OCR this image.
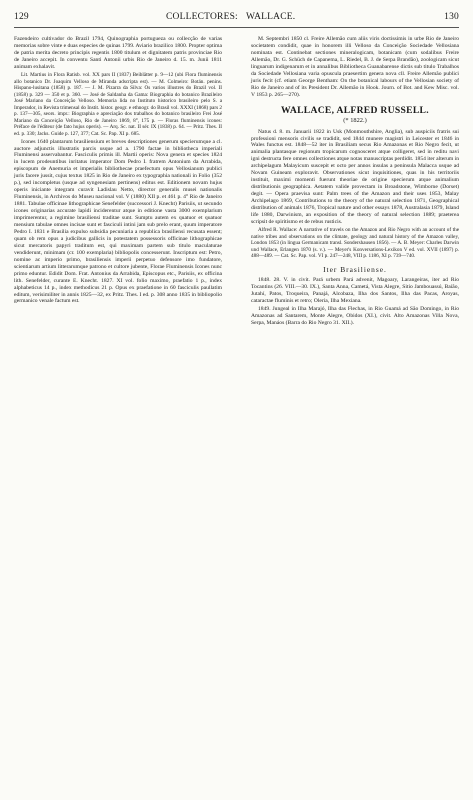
129	COLLECTORES: WALLACE.	130

Fazendeiro cultivador do Brazil 1794, Quinographia portugueza ou collecção de varias memorias sobre vinte e duas especies de quinas 1799. Aviario brazilico 1800. Propter optima de patria merita decreto principis regentis 1800 titulum et dignitatem patris provinciae Rio de Janeiro accepit. In conventu Santi Antonii urbis Rio de Janeiro d. 15. m. Junii 1811 animam exhalavit.

Lit. Martius in Flora Ratisb. vol. XX pars II (1837) Beiblätter p. 9—12 (ubi Flora fluminensis allo botanico Dr. Joaquim Velloso de Miranda adscripta est). — M. Colmeiro: Botán. penins. Hispano-lusitana (1858) p. 187. — J. M. Pizarra da Silva: Os varios illustres do Brazil vol. II (1858) p. 329 — 350 et p. 360. — José de Saldanha da Gama: Biographia do botanico Brazileiro José Mariano da Conceição Velloso. Memoria lida no Instituto historico brasileiro pelo S. a Imperador, in Revista trimensal do Instit. histor. geogr. e ethnogr. do Brasil vol. XXXI (1868) pars 2 p. 137—305, seors. impr.: Biographia e apreciação dos trabalhos do botanico brasileiro Frei José Mariano da Conceição Velloso, Rio de Janeiro 1869, 8°, 175 p. — Floras fluminensis icones: Préface de l'éditeur (de fato hujus operis). — Arq. Sc. nat. II sér. IX (1838) p. 64. — Pritz. Thes. II ed. p. 330; Jacks. Guide p. 127, 377; Cat. Sc. Pap. XI p. 685.

Icones 1640 plantarum brasiliensium et breves descriptiones generum specierumque a cl. auctore adjunctis illustratis parcis usque ad a. 1790 factae in bibliotheca imperiali Fluminensi asservabantur. Fasciculis primis ill. Martii operis: Nova genera et species 1824 in lucem prodeuntibus inritatus imperator Dom Pedro I. fratrem Antonium da Arrabida, episcopum de Anemuria et imperialis bibliothecae praefectum opus Vellosianum publici juris facere jussit, cujus textus 1825 in Rio de Janeiro ex typographia nationali in Folio (352 p.), sed incompletus (usque ad syngenesiam pertinens) editus est. Editionem novam hujus operis iniciante integram curavit Ladislau Netto, director generalis musei nationalis Fluminensis, in Archivos do Museu nacional vol. V (1880) XII p. et 461 p. 4° Rio de Janeiro 1881. Tabulae officinae lithographicae Senefelder (successori J. Knecht) Parisiis, ut secundo icones originarias accurate lapidi inciderentur atque in editione vasta 3000 exemplarium imprimerentur, a regimine brasiliensi traditae sunt. Sumptu autem ex quatuor et quatuor mensium tabulae omnes incisae sunt et fasciculi intini jam sub prelo erant, quum imperatore Pedro I. 1831 e Brasilia expulso subsidia pecuniaria a republica brasiliensi recusata essent; quam ob rem opus a judicibus gallicis in potestatem possessoris officinae lithographicae sicut mercatoris papyri traditum est, qui maximam partem sub titulo maculaturae vendiderunt, minimam (cr. 100 exemplaria) bibliopolis concesserunt. Inscriptum est: Petro, nomine ac imperio primo, brasiliensis imperii perpetuo defensore imo fundatore, scientiarum artium litterarumque patrono et cultore jubente, Florae Fluminensis Icones nunc primo eduntur. Edidit Dom. Frat. Antonius da Arrabida, Episcopus etc., Parisiis, ex officina lith. Senefelder, curante E. Knecht. 1827. XI vol. folio maximo, praefatio 1 p., index alphabeticus 14 p., index methodicus 21 p. Opus ex praefatione in 60 fasciculis paullatim editum, verisimiliter in annis 1825—32, ex Pritz. Thes. I ed. p. 308 anno 1835 in bibliopolio germanico venale factum est.

M. Septembri 1850 cl. Freire Allemão cum aliis viris doctissimis in urbe Rio de Janeiro societatem condidit, quae in honorem illi Velloso da Conceição Sociedade Vellosiana nominata est. Continebat sectiones mineralogicam, botanicam (cum sodalibus Freire Allemão, Dr. G. Schüch de Capanema, L. Riedel, B. J. de Serpa Brandão), zoologicam sicut linguarum indigenarum et in annalibus Bibliotheca Guanabarense dictis sub titulo Trabalhos da Sociedade Vellosiana varia opuscula praesertim genera nova cll. Freire Allemão publici juris fecit (cf. etiam George Bentham: On the botanical labours of the Vellosian society of Rio de Janeiro and of its President Dr. Allemão in Hook. Journ. of Bot. and Kew Misc. vol. V 1853 p. 265—270).

WALLACE, ALFRED RUSSELL.
(* 1822.)

Natus d. 8. m. Januarii 1822 in Usk (Monmouthshire, Anglia), sub auspiciis fratris sui professioni mensoris civilis se tradidit, sed 1844 munere magistri in Leicester et 1846 in Wales functus est. 1848—52 iter in Brasiliam secus Rio Amazonas et Rio Negro fecit, ut animalia plantasque regionum tropicarum cognosceret atque colligeret, sed in reditu navi igni destructa fere omnes collectiones atque notas manuscriptas perdidit. 1854 iter alterum in archipelagum Malayicum suscepit et octo per annos insulas a peninsula Malacca usque ad Novam Guineam exploravit. Observationes sicut inquisitiones, quas in his territoriis instituit, maximi momenti fuerunt theoriae de origine specierum atque animalium distributionis geographica. Aetatem valide provectam in Broadstone, Wimborne (Dorset) degit. — Opera praevisa sunt: Palm trees of the Amazon and their uses 1853, Malay Archipelago 1869, Contributions to the theory of the natural selection 1871, Geographical distribution of animals 1876, Tropical nature and other essays 1878, Australasia 1879, Island life 1880, Darwinism, an exposition of the theory of natural selection 1889; praeterea scripsit de spiritismo et de rebus rusticis.

Alfred R. Wallace: A narrative of travels on the Amazon and Rio Negro with an account of the native tribes and observations on the climate, geology and natural history of the Amazon valley, London 1853 (in lingua Germanicam transl. Sondershausen 1856). — A. B. Meyer: Charles Darwin und Wallace, Erlangen 1870 (s. v.). — Meyer's Konversations-Lexikon V ed. vol. XVII (1897) p. 488—489. — Cat. Sc. Pap. vol. VI p. 247—248, VIII p. 1186, XI p. 739—740.

Iter Brasiliense.

1848. 28. V. in civit. Pará urbem Pará advenit, Magoary, Larangeiras, iter ad Rio Tocantins (26. VIII.—30. IX.), Santa Anna, Cametá, Vista Alegre, Sitio Jambouassú, Baião, Jutahí, Patos, Troqueira, Panajá, Alcobaza, Ilha dos Santos, Ilha das Pacas, Aroyas, cataractae fluminis et retro; Oleria, Ilha Mexiana.

1849. Jungeal in Ilha Marajó, Ilha das Flechas, in Rio Guamá ad São Domingo, in Rio Amazonas ad Santarem, Monte Alegre, Obidos (XI.), civit. Alto Amazonas Villa Nova, Serpa, Manáos (Barra do Rio Negro 31. XII.).
